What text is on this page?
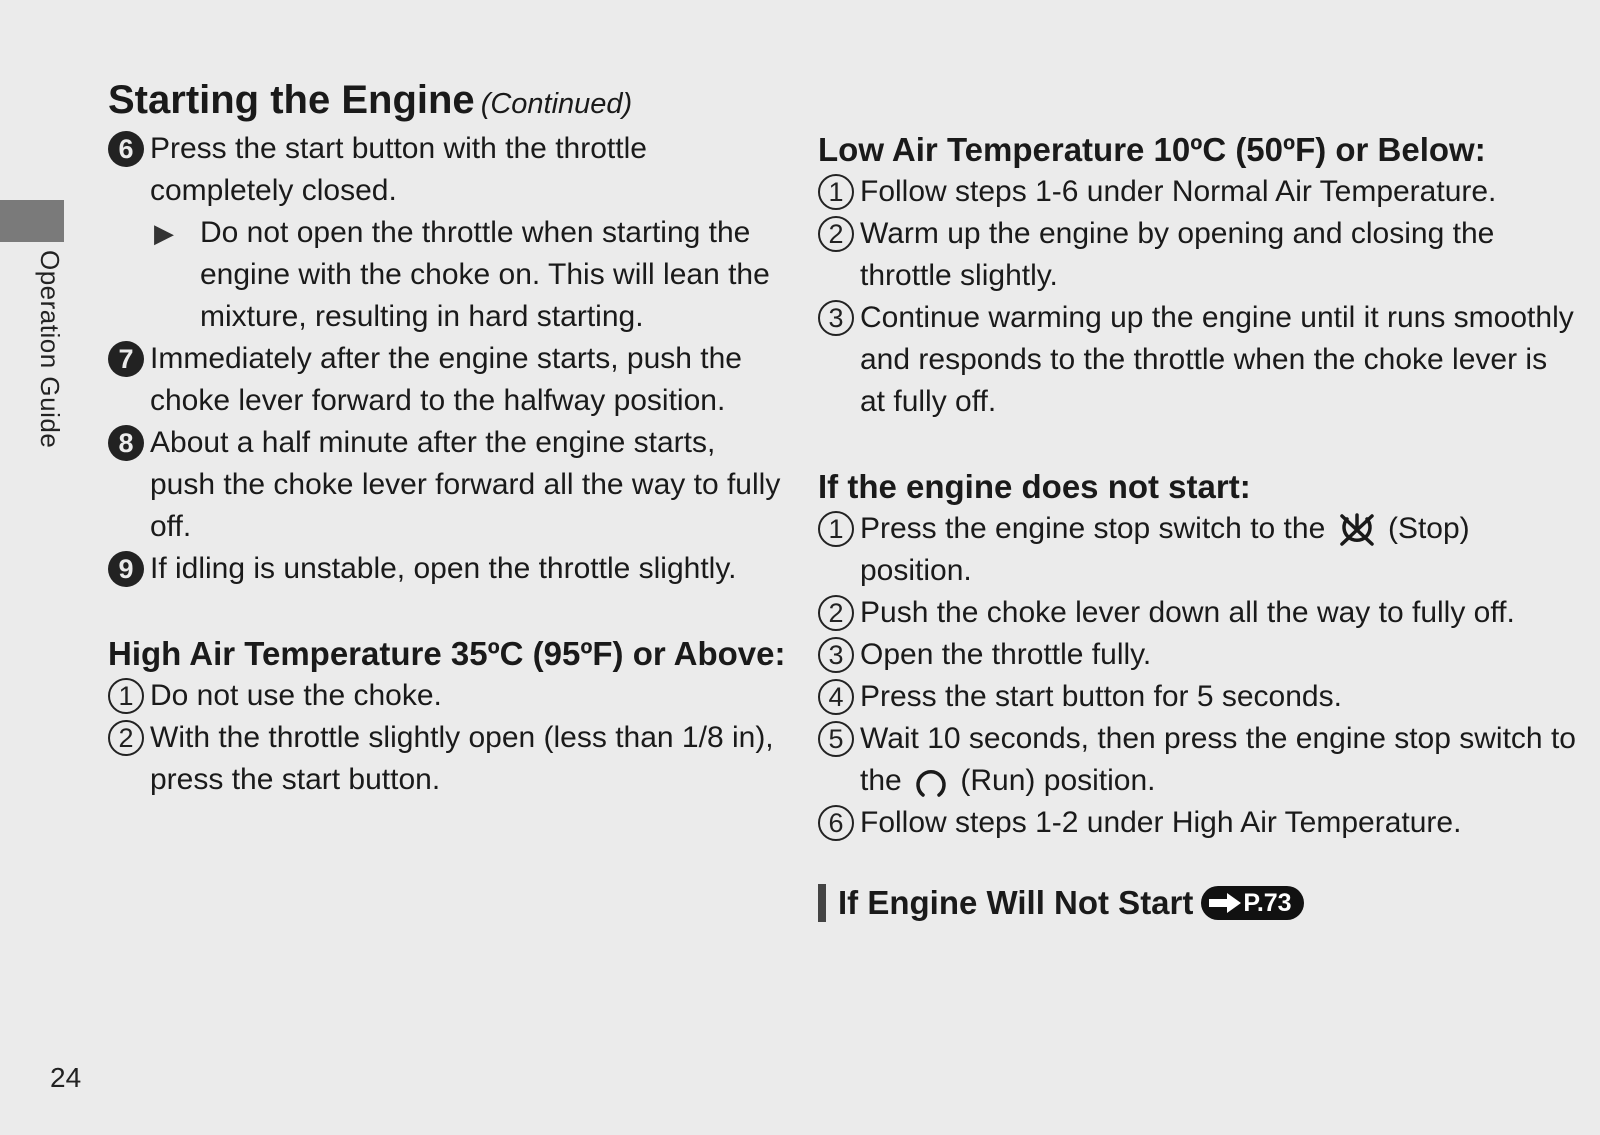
Operation Guide
24
Starting the Engine (Continued)
6 Press the start button with the throttle completely closed.
▶ Do not open the throttle when starting the engine with the choke on. This will lean the mixture, resulting in hard starting.
7 Immediately after the engine starts, push the choke lever forward to the halfway position.
8 About a half minute after the engine starts, push the choke lever forward all the way to fully off.
9 If idling is unstable, open the throttle slightly.
High Air Temperature 35ºC (95ºF) or Above:
1 Do not use the choke.
2 With the throttle slightly open (less than 1/8 in), press the start button.
Low Air Temperature 10ºC (50ºF) or Below:
1 Follow steps 1-6 under Normal Air Temperature.
2 Warm up the engine by opening and closing the throttle slightly.
3 Continue warming up the engine until it runs smoothly and responds to the throttle when the choke lever is at fully off.
If the engine does not start:
1 Press the engine stop switch to the (Stop) position.
2 Push the choke lever down all the way to fully off.
3 Open the throttle fully.
4 Press the start button for 5 seconds.
5 Wait 10 seconds, then press the engine stop switch to the (Run) position.
6 Follow steps 1-2 under High Air Temperature.
If Engine Will Not Start P.73
